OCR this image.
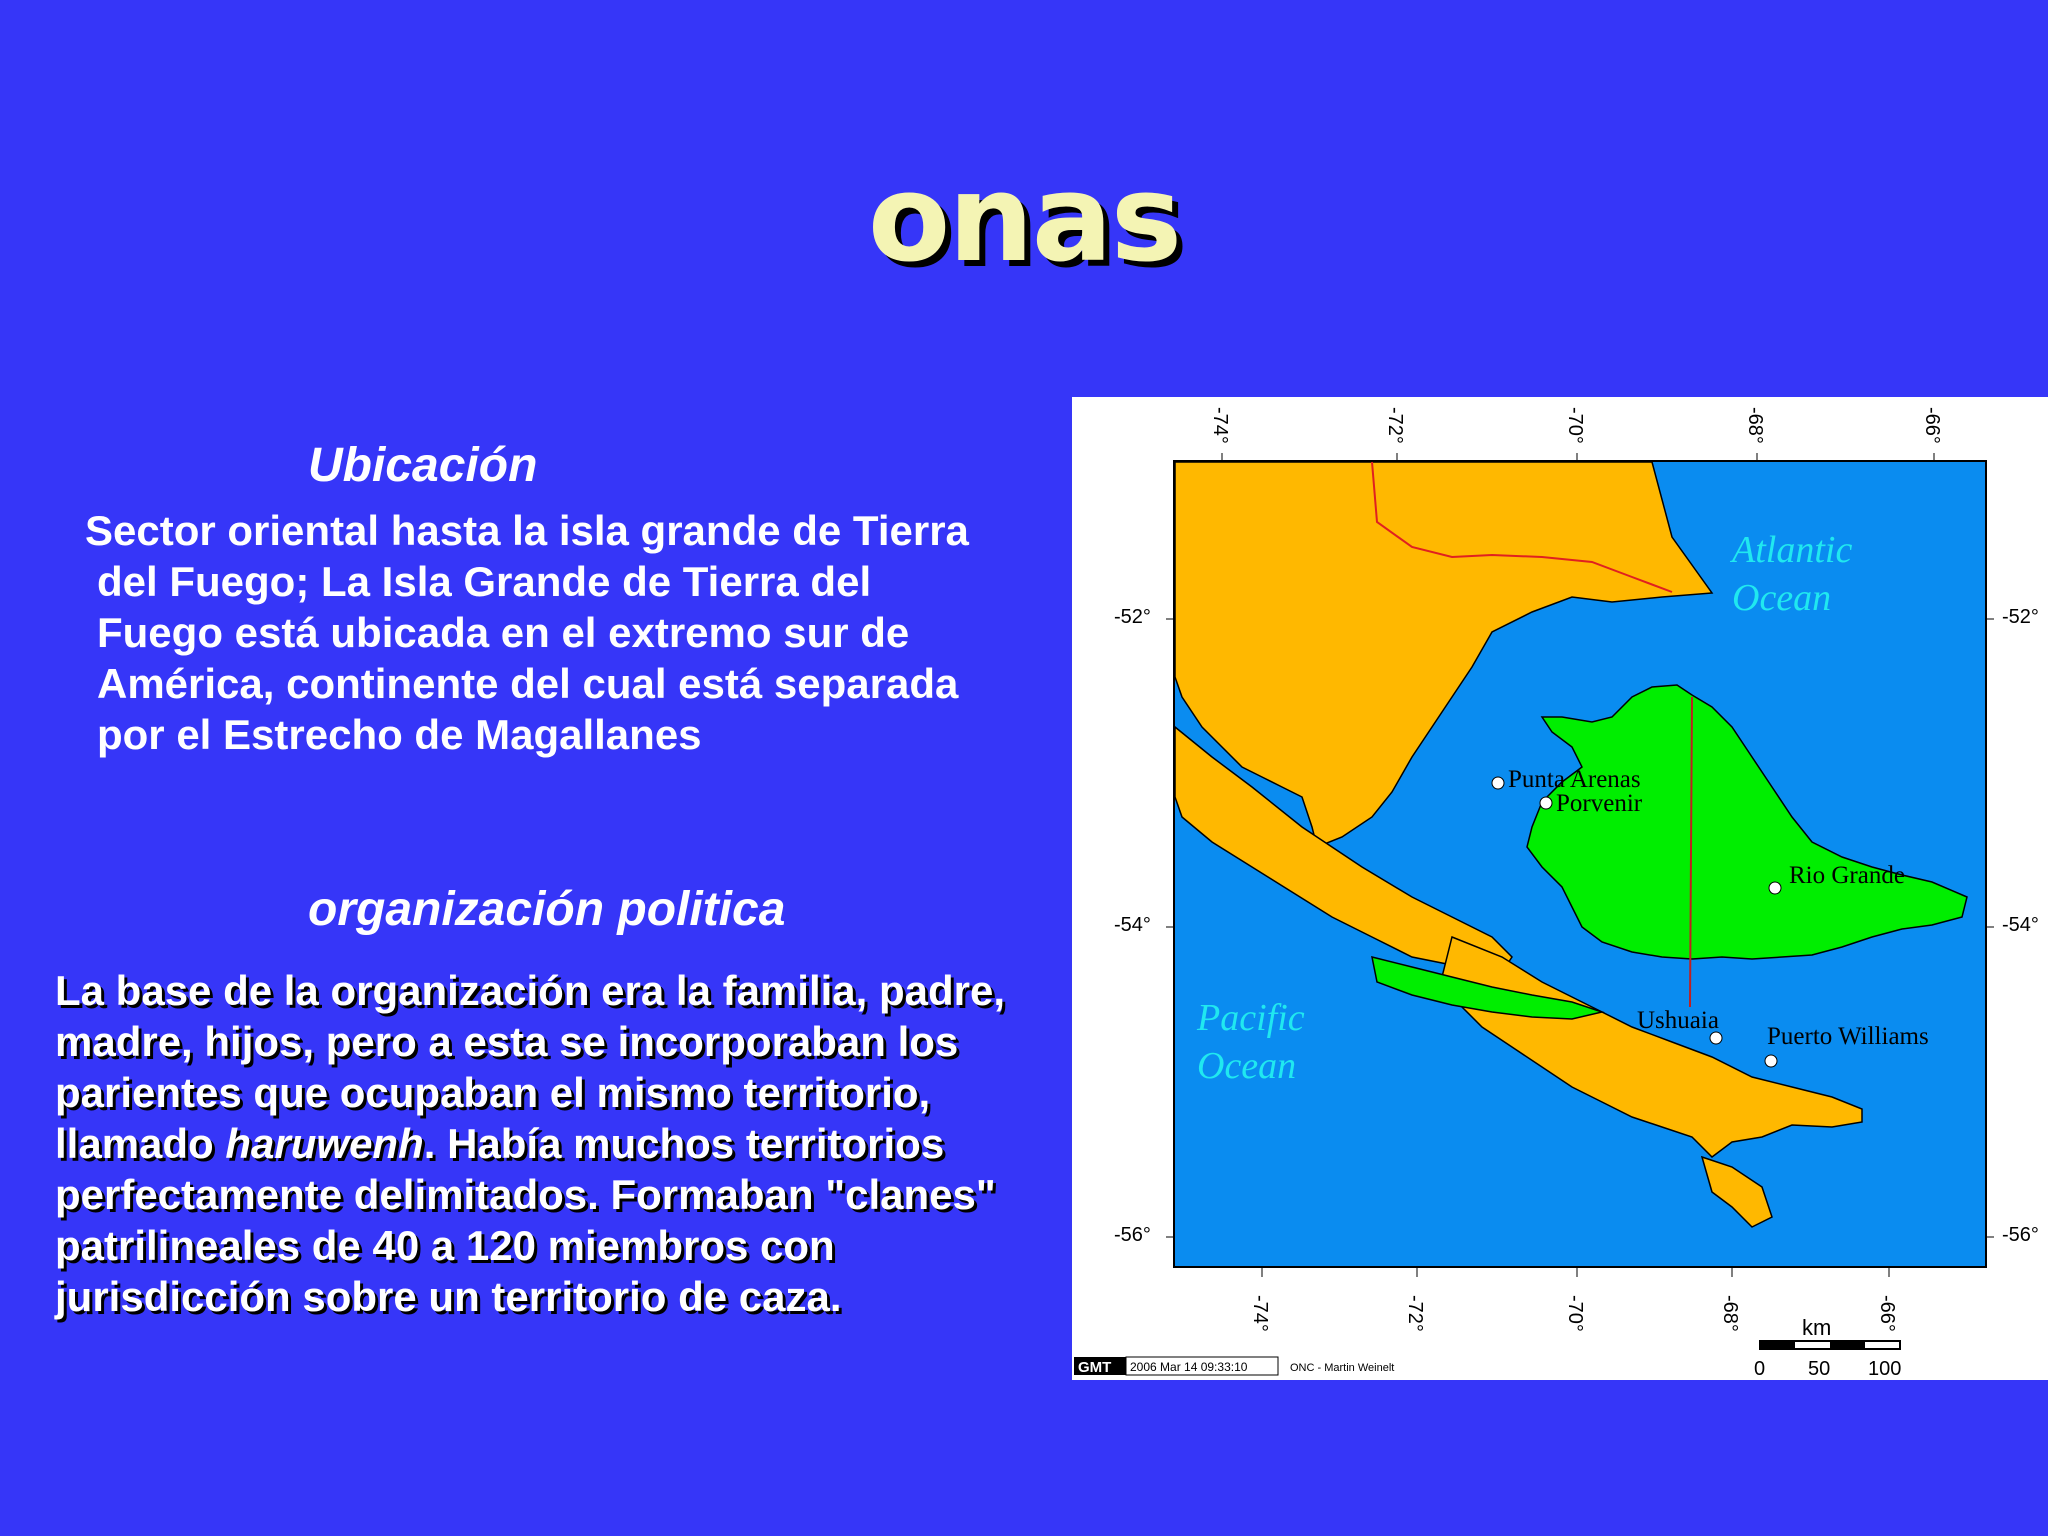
onas
Ubicación
Sector oriental hasta la isla grande de Tierra
del Fuego; La Isla Grande de Tierra del
Fuego está ubicada en el extremo sur de
América, continente del cual está separada
por el Estrecho de Magallanes
organización politica
La base de la organización era la familia, padre, madre, hijos, pero a esta se incorporaban los parientes que ocupaban el mismo territorio, llamado haruwenh. Había muchos territorios perfectamente delimitados. Formaban "clanes" patrilineales de 40 a 120 miembros con jurisdicción sobre un territorio de caza.
Atlantic
Ocean
Pacific
Ocean
Punta Arenas
Porvenir
Rio Grande
Ushuaia
Puerto Williams
-74°	-72°	-70°	-68°	-66°
-74°	-72°	-70°	-68°	-66°
-52°
-54°
-56°
-52°
-54°
-56°
km
0 50 100
GMT 2006 Mar 14 09:33:10	ONC - Martin Weinelt
